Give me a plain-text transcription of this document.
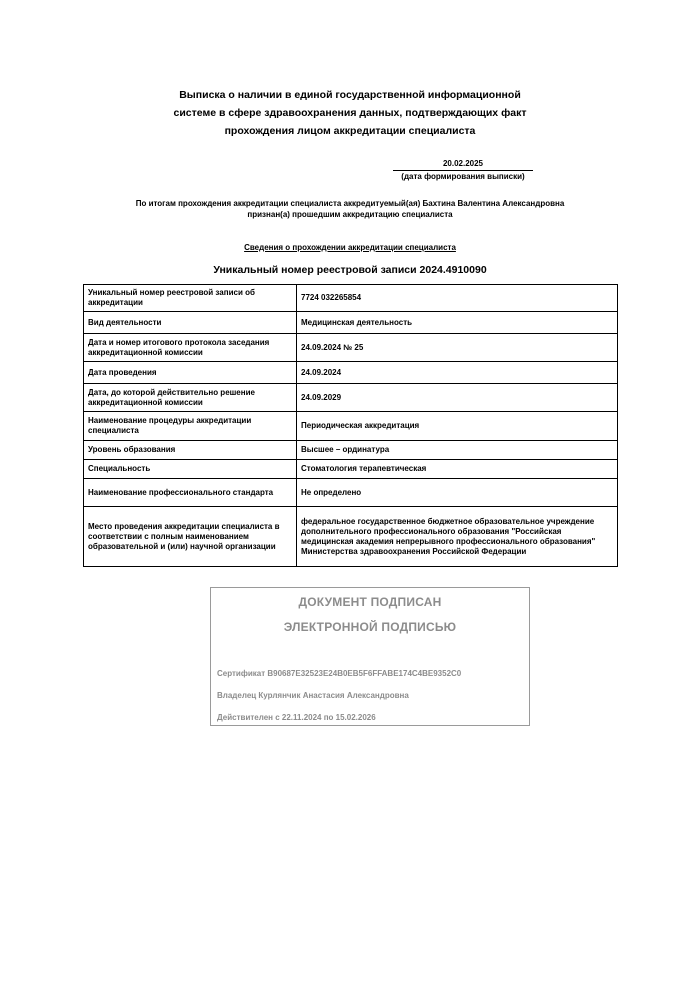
Выписка о наличии в единой государственной информационной
системе в сфере здравоохранения данных, подтверждающих факт
прохождения лицом аккредитации специалиста
20.02.2025
(дата формирования выписки)
По итогам прохождения аккредитации специалиста аккредитуемый(ая) Бахтина Валентина Александровна
признан(а) прошедшим аккредитацию специалиста
Сведения о прохождении аккредитации специалиста
Уникальный номер реестровой записи 2024.4910090
Уникальный номер реестровой записи об аккредитации	7724 032265854
Вид деятельности	Медицинская деятельность
Дата и номер итогового протокола заседания аккредитационной комиссии	24.09.2024 № 25
Дата проведения	24.09.2024
Дата, до которой действительно решение аккредитационной комиссии	24.09.2029
Наименование процедуры аккредитации специалиста	Периодическая аккредитация
Уровень образования	Высшее – ординатура
Специальность	Стоматология терапевтическая
Наименование профессионального стандарта	Не определено
Место проведения аккредитации специалиста в соответствии с полным наименованием образовательной и (или) научной организации	федеральное государственное бюджетное образовательное учреждение дополнительного профессионального образования "Российская медицинская академия непрерывного профессионального образования" Министерства здравоохранения Российской Федерации
ДОКУМЕНТ ПОДПИСАН
ЭЛЕКТРОННОЙ ПОДПИСЬЮ
Сертификат B90687E32523E24B0EB5F6FFABE174C4BE9352C0
Владелец Курлянчик Анастасия Александровна
Действителен с 22.11.2024 по 15.02.2026
